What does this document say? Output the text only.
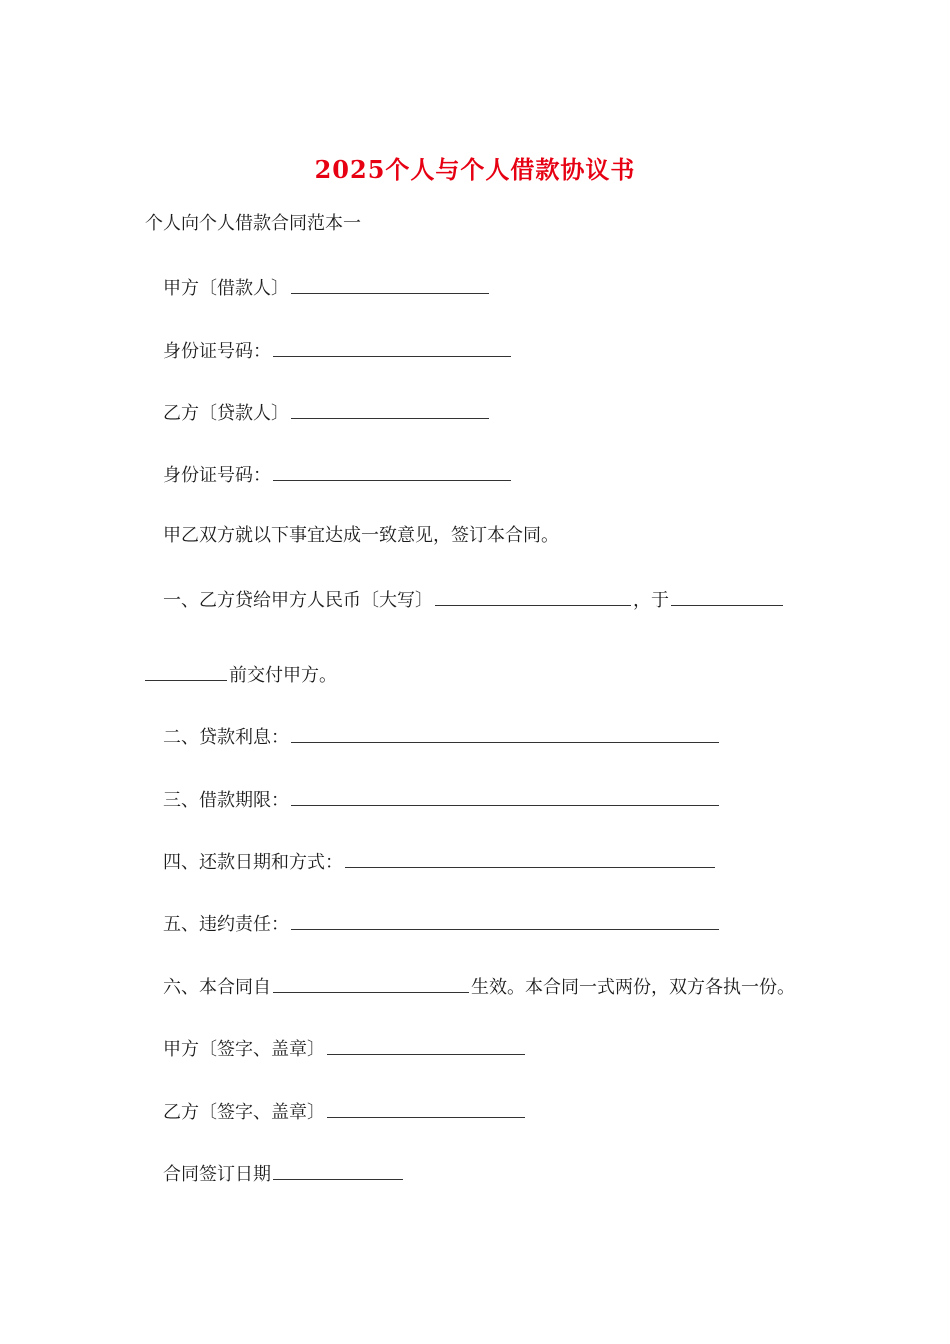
2025个人与个人借款协议书
个人向个人借款合同范本一
甲方〔借款人〕
身份证号码：
乙方〔贷款人〕
身份证号码：
甲乙双方就以下事宜达成一致意见，签订本合同。
一、乙方贷给甲方人民币〔大写〕	，于
前交付甲方。
二、贷款利息：
三、借款期限：
四、还款日期和方式：
五、违约责任：
六、本合同自	生效。本合同一式两份，双方各执一份。
甲方〔签字、盖章〕
乙方〔签字、盖章〕
合同签订日期
